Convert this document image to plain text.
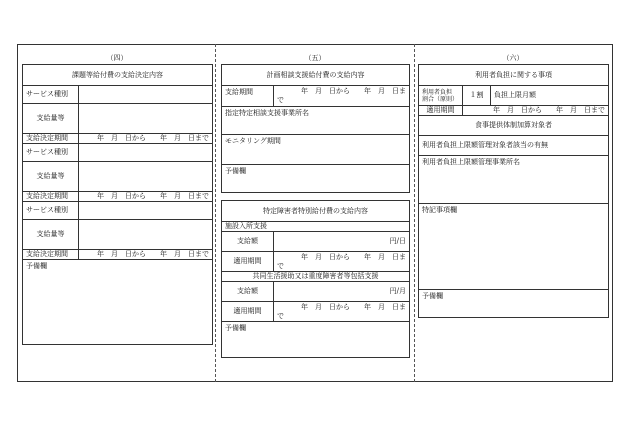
（四）	（五）	（六）
課題等給付費の支給決定内容	
サービス種別	
支給量等	
支給決定期間	年　月　日から　　年　月　日まで
サービス種別	
支給量等	
支給決定期間	年　月　日から　　年　月　日まで
サービス種別	
支給量等	
支給決定期間	年　月　日から　　年　月　日まで
予備欄	
計画相談支援給付費の支給内容
支給期間	年　月　日から　　年　月　日ま
で

指定特定相談支援事業所名
モニタリング期間
予備欄
特定障害者特別給付費の支給内容	
施設入所支援	
支給額	円/日
適用期間	年　月　日から　　年　月　日ま
で

共同生活援助又は重度障害者等包括支援	
支給額	円/月
適用期間	年　月　日から　　年　月　日ま
で

予備欄	
利用者負担に関する事項		

利用者負担
割合（原則）	１割	負担上限月額
適用期間	年　月　日から　　年　月　日まで	
食事提供体制加算対象者		
利用者負担上限額管理対象者該当の有無		
利用者負担上限額管理事業所名		
特記事項欄		
予備欄		
